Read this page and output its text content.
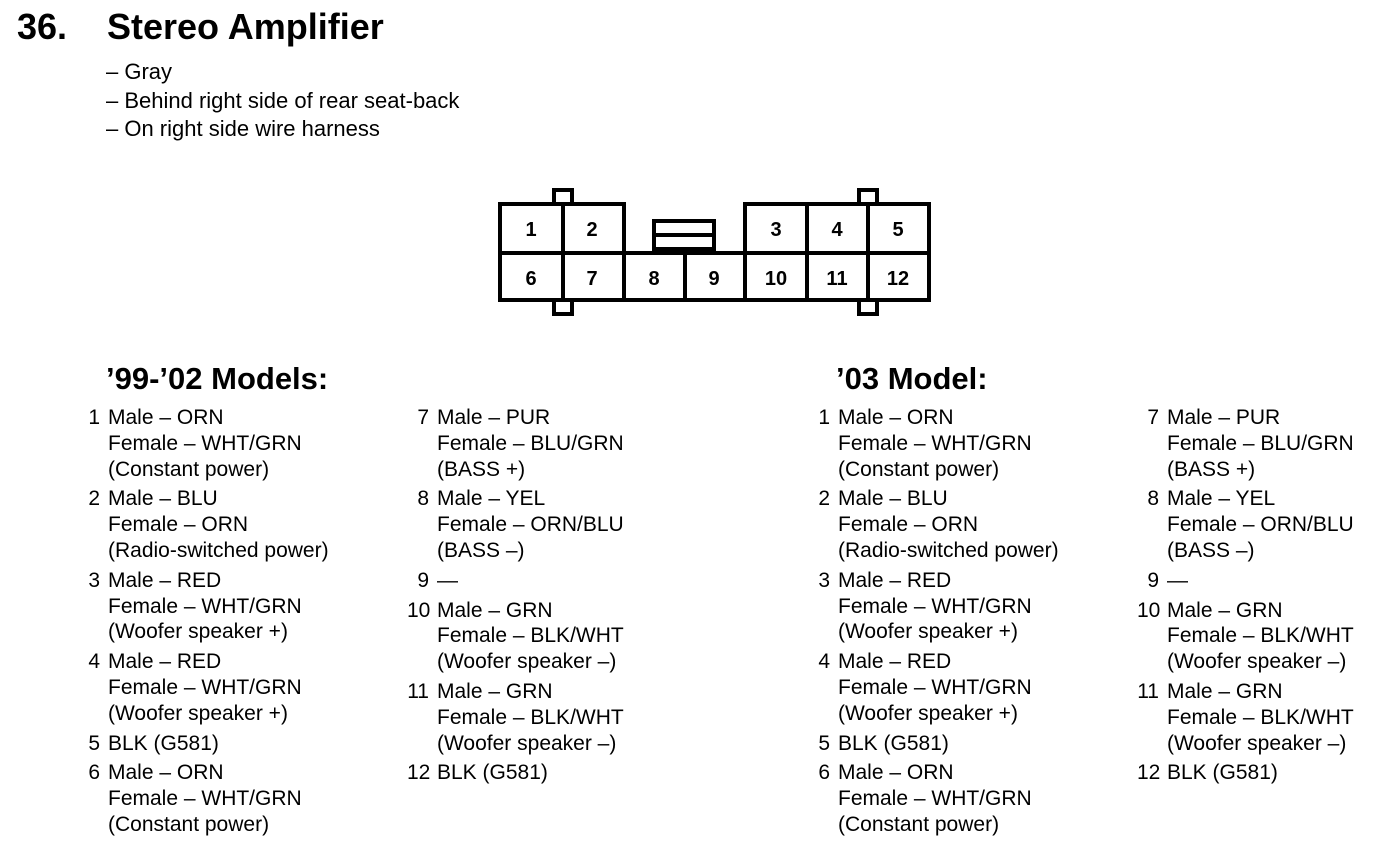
36. Stereo Amplifier
– Gray
– Behind right side of rear seat-back
– On right side wire harness
1 2	3 4 5
6 7	8 9 10 11 12
’99-’02 Models:	’03 Model:
1 Male – ORN
Female – WHT/GRN
(Constant power)
2 Male – BLU
Female – ORN
(Radio-switched power)
3 Male – RED
Female – WHT/GRN
(Woofer speaker +)
4 Male – RED
Female – WHT/GRN
(Woofer speaker +)
5 BLK (G581)
6 Male – ORN
Female – WHT/GRN
(Constant power)
7 Male – PUR
Female – BLU/GRN
(BASS +)
8 Male – YEL
Female – ORN/BLU
(BASS –)
9 —
10 Male – GRN
Female – BLK/WHT
(Woofer speaker –)
11 Male – GRN
Female – BLK/WHT
(Woofer speaker –)
12 BLK (G581)
1 Male – ORN
Female – WHT/GRN
(Constant power)
2 Male – BLU
Female – ORN
(Radio-switched power)
3 Male – RED
Female – WHT/GRN
(Woofer speaker +)
4 Male – RED
Female – WHT/GRN
(Woofer speaker +)
5 BLK (G581)
6 Male – ORN
Female – WHT/GRN
(Constant power)
7 Male – PUR
Female – BLU/GRN
(BASS +)
8 Male – YEL
Female – ORN/BLU
(BASS –)
9 —
10 Male – GRN
Female – BLK/WHT
(Woofer speaker –)
11 Male – GRN
Female – BLK/WHT
(Woofer speaker –)
12 BLK (G581)
